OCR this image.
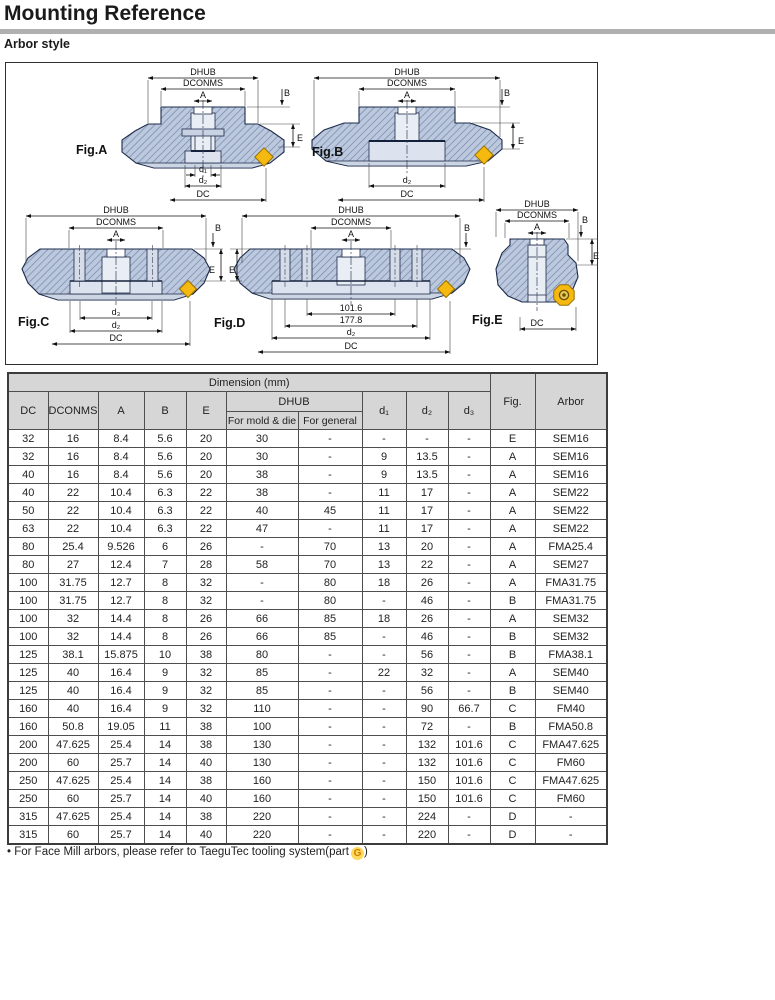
Mounting Reference
Arbor style
DHUB
DCONMS
A	B
E
d₁
d₂
DC
Fig.A
DHUB
DCONMS
A	B
E
d₂
DC
Fig.B
DHUB
DCONMS
A
B
E
d₃
d₂
DC
Fig.C
DHUB
DCONMS
A
B
E
101.6
177.8
d₂
DC
Fig.D
DHUB
DCONMS
A
B
E
DC
Fig.E
Dimension (mm)										Fig.	Arbor
DC	DCONMS	A	B	E	DHUB		d₁	d₂	d₃		
					For mold & die	For general					
32	16	8.4	5.6	20	30	-	-	-	-	E	SEM16
32	16	8.4	5.6	20	30	-	9	13.5	-	A	SEM16
40	16	8.4	5.6	20	38	-	9	13.5	-	A	SEM16
40	22	10.4	6.3	22	38	-	11	17	-	A	SEM22
50	22	10.4	6.3	22	40	45	11	17	-	A	SEM22
63	22	10.4	6.3	22	47	-	11	17	-	A	SEM22
80	25.4	9.526	6	26	-	70	13	20	-	A	FMA25.4
80	27	12.4	7	28	58	70	13	22	-	A	SEM27
100	31.75	12.7	8	32	-	80	18	26	-	A	FMA31.75
100	31.75	12.7	8	32	-	80	-	46	-	B	FMA31.75
100	32	14.4	8	26	66	85	18	26	-	A	SEM32
100	32	14.4	8	26	66	85	-	46	-	B	SEM32
125	38.1	15.875	10	38	80	-	-	56	-	B	FMA38.1
125	40	16.4	9	32	85	-	22	32	-	A	SEM40
125	40	16.4	9	32	85	-	-	56	-	B	SEM40
160	40	16.4	9	32	110	-	-	90	66.7	C	FM40
160	50.8	19.05	11	38	100	-	-	72	-	B	FMA50.8
200	47.625	25.4	14	38	130	-	-	132	101.6	C	FMA47.625
200	60	25.7	14	40	130	-	-	132	101.6	C	FM60
250	47.625	25.4	14	38	160	-	-	150	101.6	C	FMA47.625
250	60	25.7	14	40	160	-	-	150	101.6	C	FM60
315	47.625	25.4	14	38	220	-	-	224	-	D	-
315	60	25.7	14	40	220	-	-	220	-	D	-
• For Face Mill arbors, please refer to TaeguTec tooling system(part G )
